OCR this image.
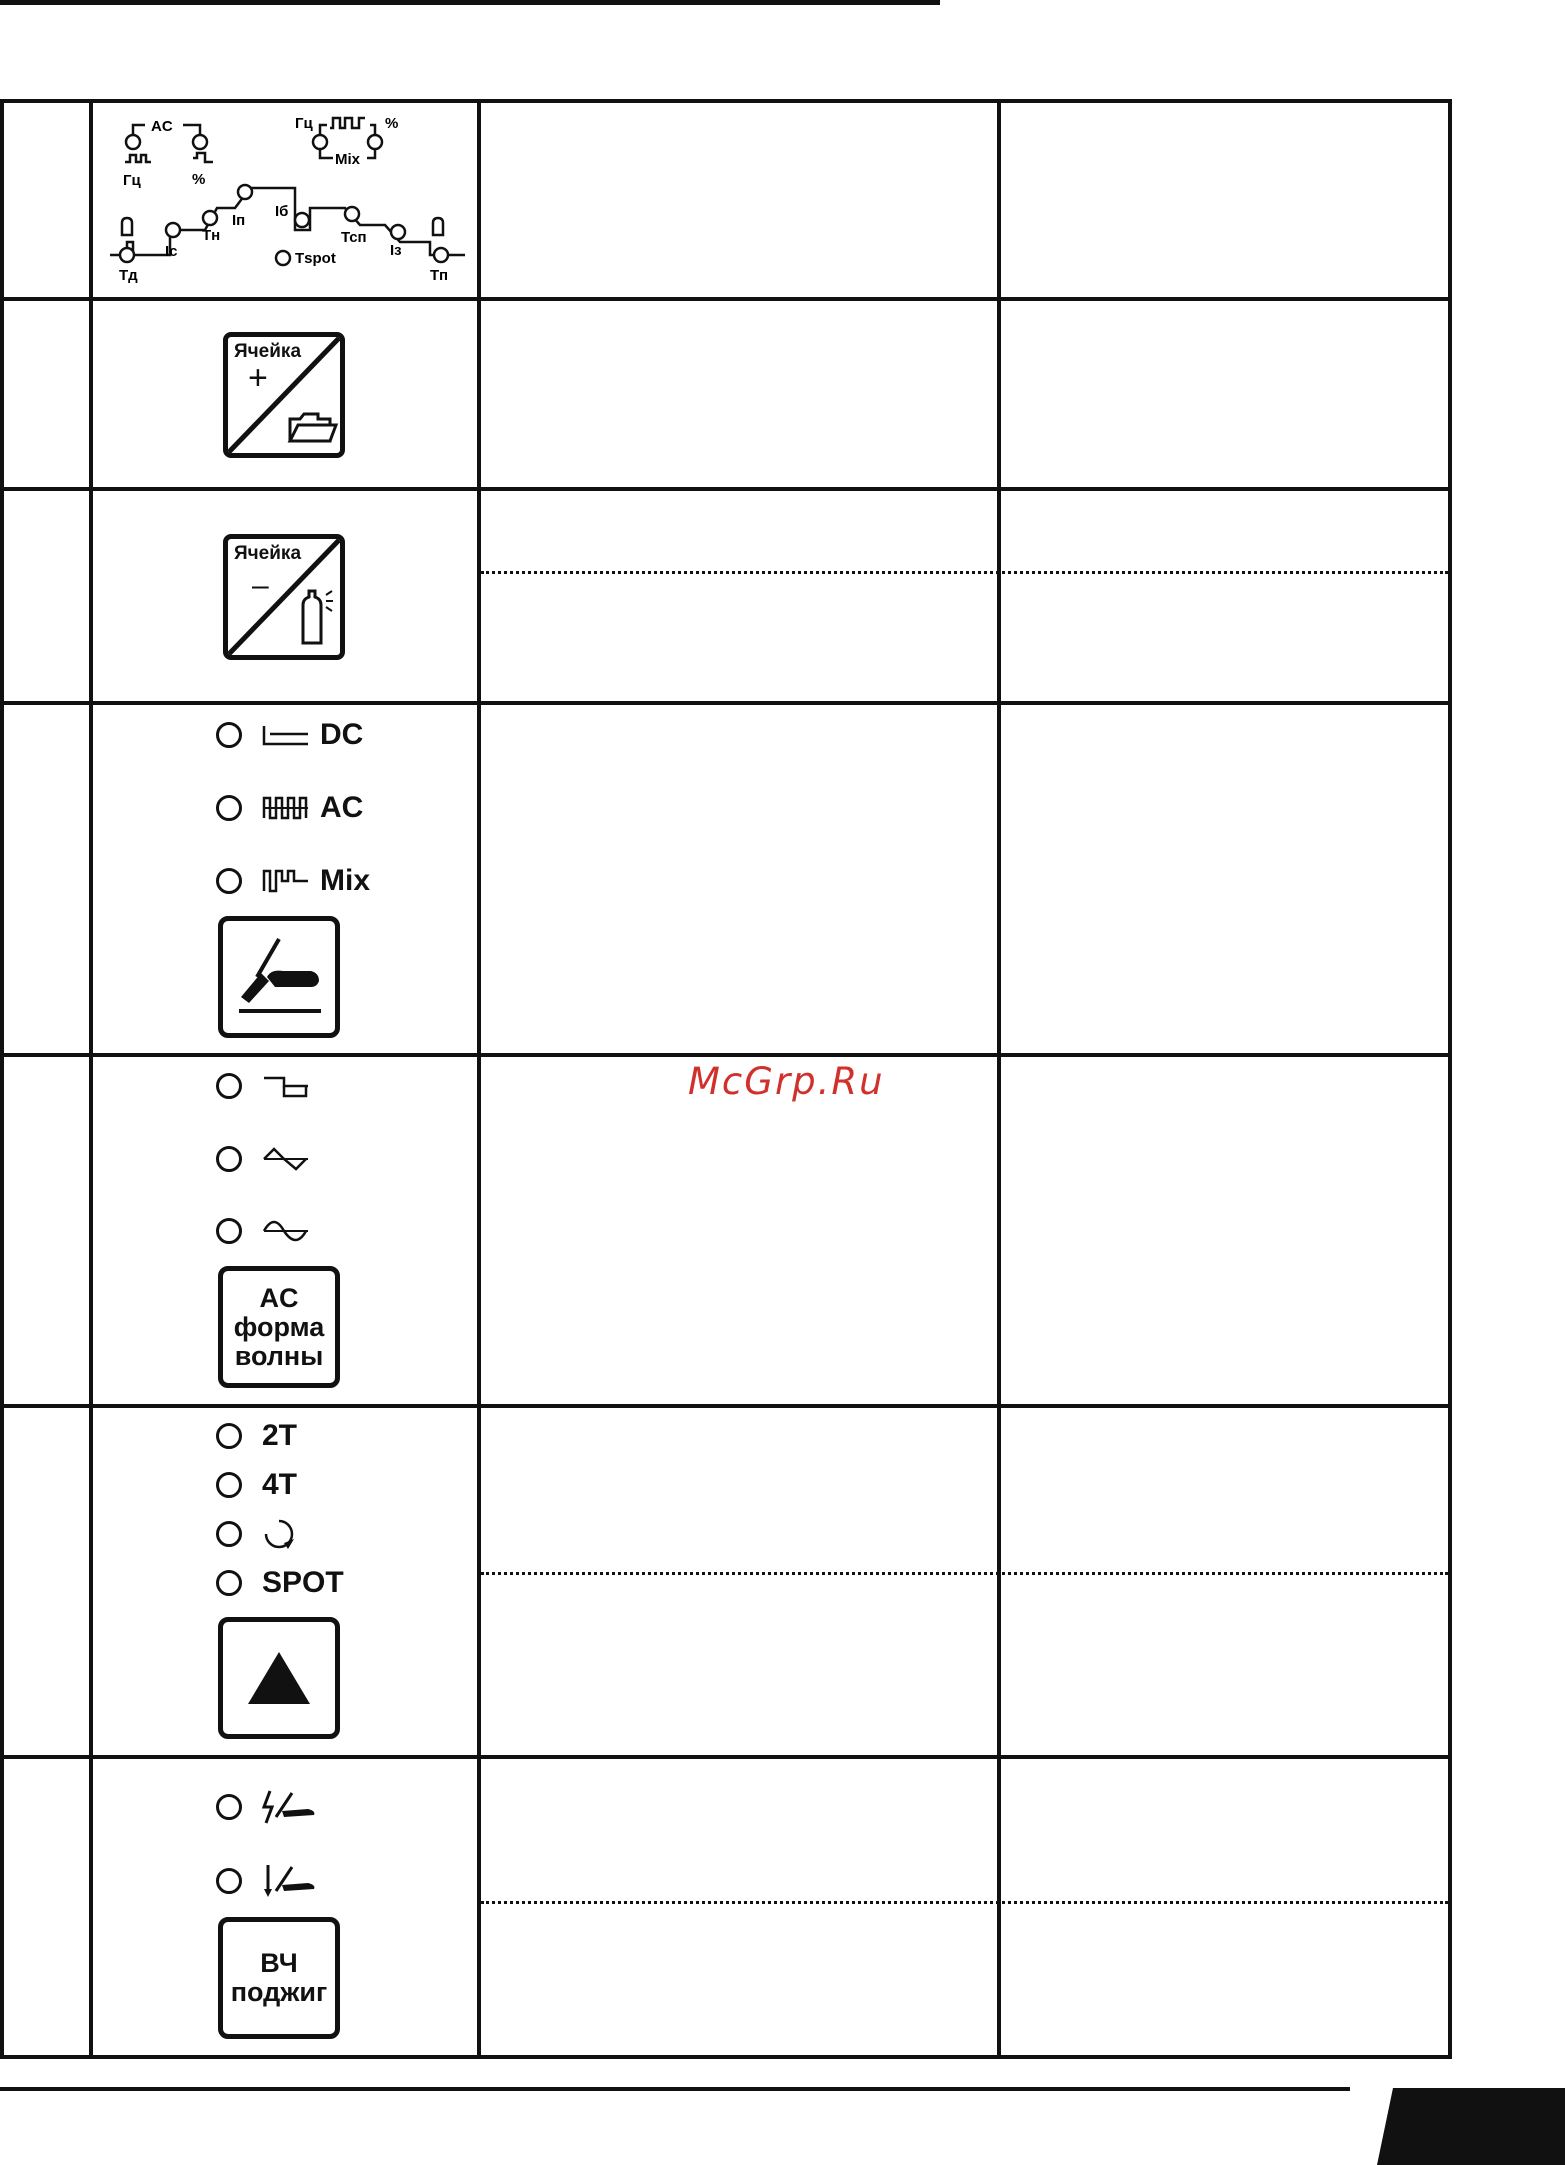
AC
Гц	%
Гц	%
Mix
Тд
Iс
Тн
Iп
Iб
Тspot
Тсп
Iз
Тп
Ячейка
+
Ячейка
–
DC
AC
Mix
AC
форма
волны
2T
4T
SPOT
ВЧ
поджиг
McGrp.Ru
